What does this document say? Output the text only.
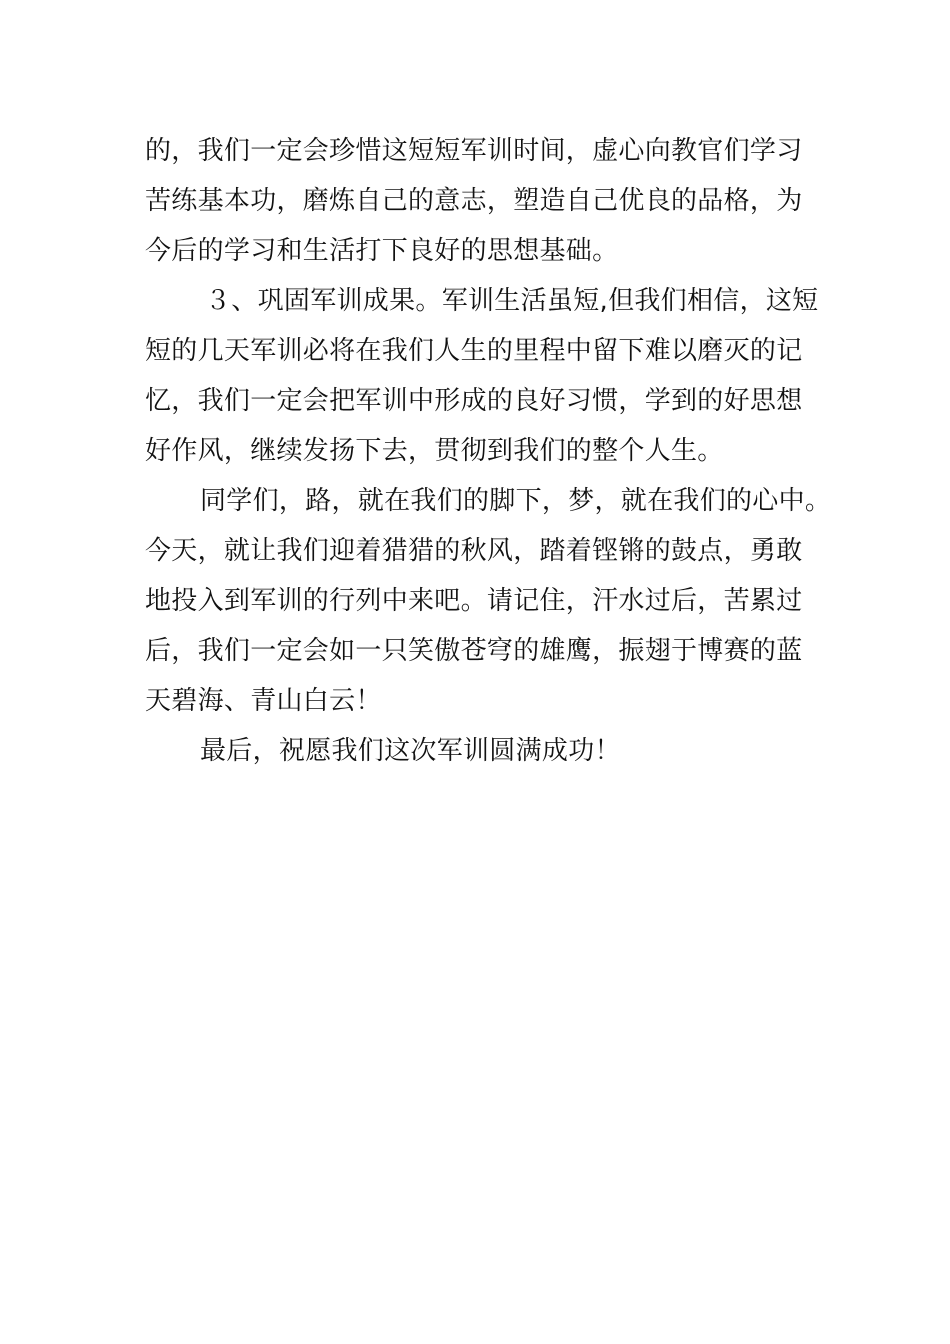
的，我们一定会珍惜这短短军训时间，虚心向教官们学习
苦练基本功，磨炼自己的意志，塑造自己优良的品格，为
今后的学习和生活打下良好的思想基础。
３、巩固军训成果。军训生活虽短,但我们相信，这短
短的几天军训必将在我们人生的里程中留下难以磨灭的记
忆，我们一定会把军训中形成的良好习惯，学到的好思想
好作风，继续发扬下去，贯彻到我们的整个人生。
同学们，路，就在我们的脚下，梦，就在我们的心中。
今天，就让我们迎着猎猎的秋风，踏着铿锵的鼓点，勇敢
地投入到军训的行列中来吧。请记住，汗水过后，苦累过
后，我们一定会如一只笑傲苍穹的雄鹰，振翅于博赛的蓝
天碧海、青山白云！
最后，祝愿我们这次军训圆满成功！
